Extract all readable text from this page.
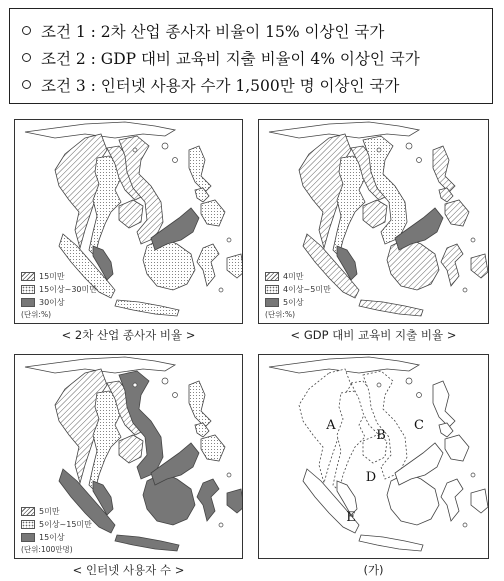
조건 1 : 2차 산업 종사자 비율이 15% 이상인 국가
조건 2 : GDP 대비 교육비 지출 비율이 4% 이상인 국가
조건 3 : 인터넷 사용자 수가 1,500만 명 이상인 국가
15미만
15이상~30미만
30이상
(단위:%)
< 2차 산업 종사자 비율 >
4미만
4이상~5미만
5이상
(단위:%)
< GDP 대비 교육비 지출 비율 >
5미만
5이상~15미만
15이상
(단위:100만명)
< 인터넷 사용자 수 >
A
B
C
D
E
(가)
